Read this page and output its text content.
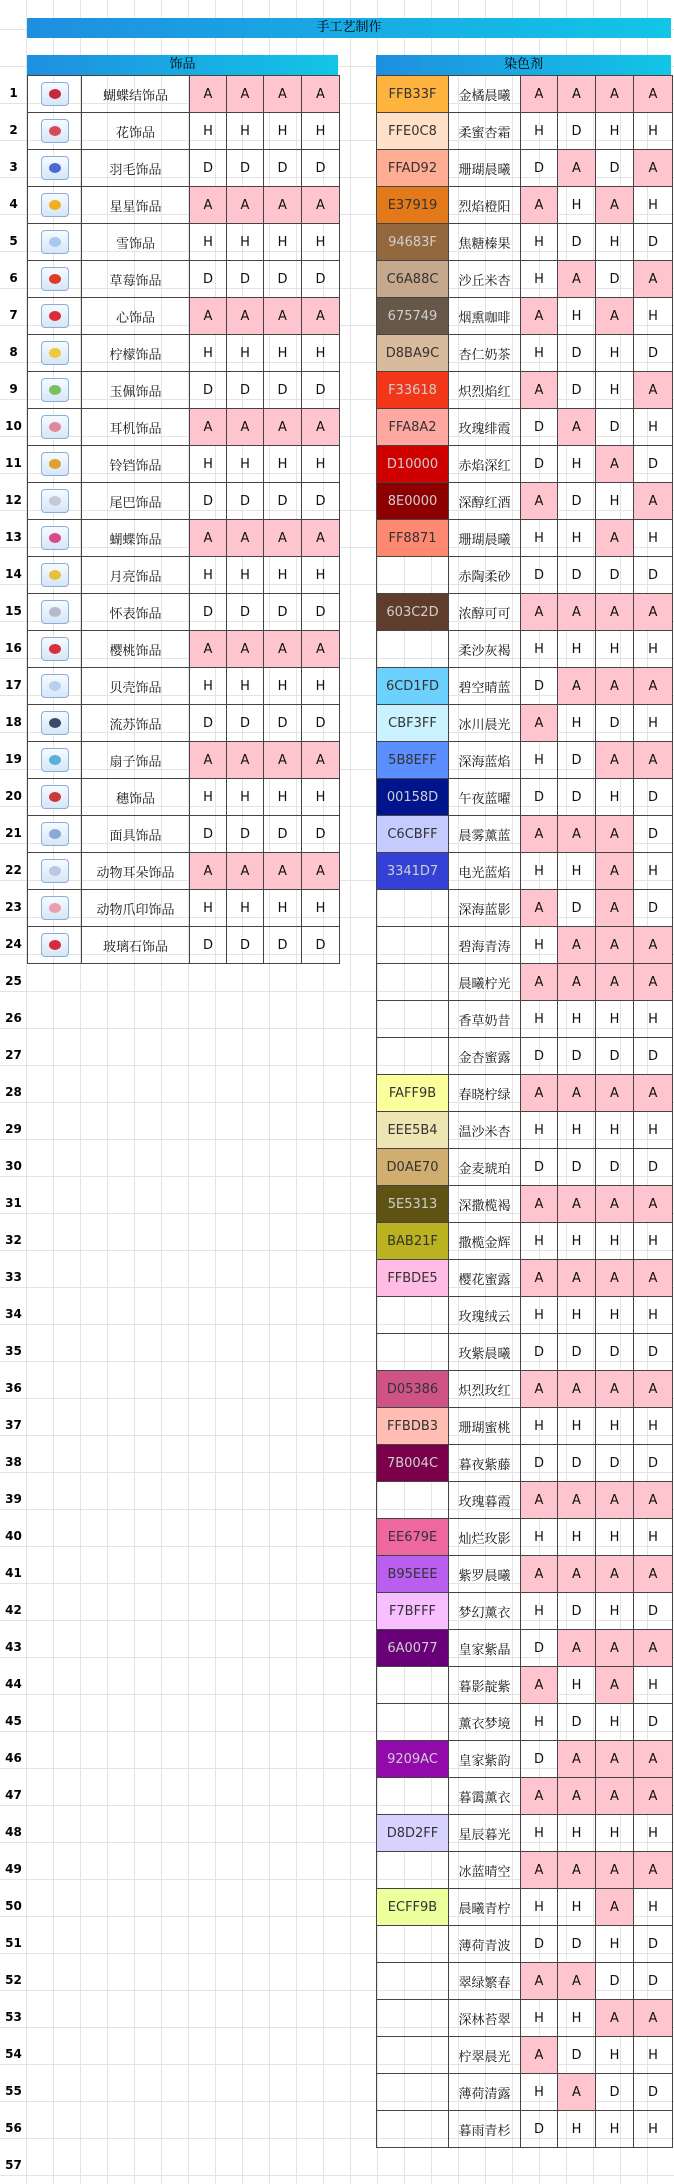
手工艺制作
饰品	染色剂
1
2
3
4
5
6
7
8
9
10
11
12
13
14
15
16
17
18
19
20
21
22
23
24
25
26
27
28
29
30
31
32
33
34
35
36
37
38
39
40
41
42
43
44
45
46
47
48
49
50
51
52
53
54
55
56
57
	蝴蝶结饰品	A	A	A	A

	花饰品	H	H	H	H

	羽毛饰品	D	D	D	D

	星星饰品	A	A	A	A

	雪饰品	H	H	H	H

	草莓饰品	D	D	D	D

	心饰品	A	A	A	A

	柠檬饰品	H	H	H	H

	玉佩饰品	D	D	D	D

	耳机饰品	A	A	A	A

	铃铛饰品	H	H	H	H

	尾巴饰品	D	D	D	D

	蝴蝶饰品	A	A	A	A

	月亮饰品	H	H	H	H

	怀表饰品	D	D	D	D

	樱桃饰品	A	A	A	A

	贝壳饰品	H	H	H	H

	流苏饰品	D	D	D	D

	扇子饰品	A	A	A	A

	穗饰品	H	H	H	H

	面具饰品	D	D	D	D

	动物耳朵饰品	A	A	A	A

	动物爪印饰品	H	H	H	H

	玻璃石饰品	D	D	D	D
FFB33F	金橘晨曦	A	A	A	A
FFE0C8	柔蜜杏霜	H	D	H	H
FFAD92	珊瑚晨曦	D	A	D	A
E37919	烈焰橙阳	A	H	A	H
94683F	焦糖榛果	H	D	H	D
C6A88C	沙丘米杏	H	A	D	A
675749	烟熏咖啡	A	H	A	H
D8BA9C	杏仁奶茶	H	D	H	D
F33618	炽烈焰红	A	D	H	A
FFA8A2	玫瑰绯霞	D	A	D	H
D10000	赤焰深红	D	H	A	D
8E0000	深醇红酒	A	D	H	A
FF8871	珊瑚晨曦	H	H	A	H
	赤陶柔砂	D	D	D	D
603C2D	浓醇可可	A	A	A	A
	柔沙灰褐	H	H	H	H
6CD1FD	碧空晴蓝	D	A	A	A
CBF3FF	冰川晨光	A	H	D	H
5B8EFF	深海蓝焰	H	D	A	A
00158D	午夜蓝曜	D	D	H	D
C6CBFF	晨雾薰蓝	A	A	A	D
3341D7	电光蓝焰	H	H	A	H
	深海蓝影	A	D	A	D
	碧海青涛	H	A	A	A
	晨曦柠光	A	A	A	A
	香草奶昔	H	H	H	H
	金杏蜜露	D	D	D	D
FAFF9B	春晓柠绿	A	A	A	A
EEE5B4	温沙米杏	H	H	H	H
D0AE70	金麦琥珀	D	D	D	D
5E5313	深撒榄褐	A	A	A	A
BAB21F	撒榄金辉	H	H	H	H
FFBDE5	樱花蜜露	A	A	A	A
	玫瑰绒云	H	H	H	H
	玫紫晨曦	D	D	D	D
D05386	炽烈玫红	A	A	A	A
FFBDB3	珊瑚蜜桃	H	H	H	H
7B004C	暮夜紫藤	D	D	D	D
	玫瑰暮霞	A	A	A	A
EE679E	灿烂玫影	H	H	H	H
B95EEE	紫罗晨曦	A	A	A	A
F7BFFF	梦幻薰衣	H	D	H	D
6A0077	皇家紫晶	D	A	A	A
	暮影靛紫	A	H	A	H
	薰衣梦境	H	D	H	D
9209AC	皇家紫韵	D	A	A	A
	暮霭薰衣	A	A	A	A
D8D2FF	星辰暮光	H	H	H	H
	冰蓝晴空	A	A	A	A
ECFF9B	晨曦青柠	H	H	A	H
	薄荷青波	D	D	H	D
	翠绿繁春	A	A	D	D
	深林苔翠	H	H	A	A
	柠翠晨光	A	D	H	H
	薄荷清露	H	A	D	D
	暮雨青杉	D	H	H	H
